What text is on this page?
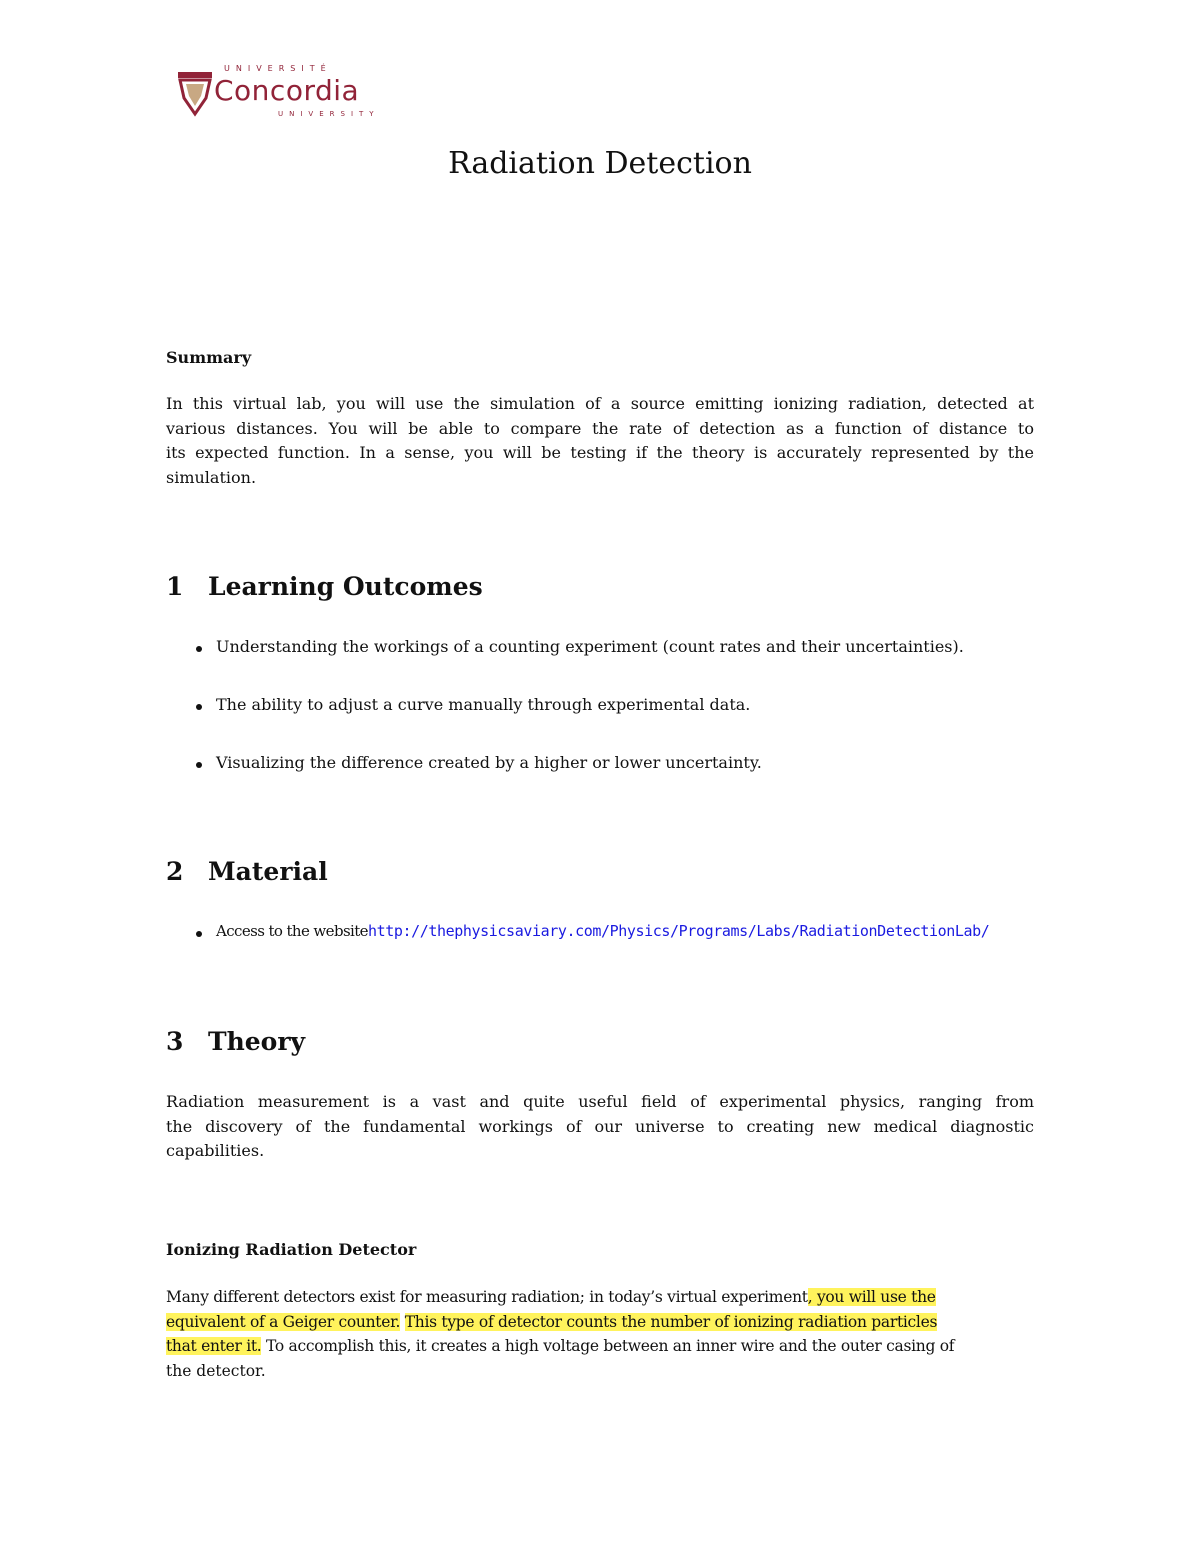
UNIVERSITÉ
Concordia
UNIVERSITY
Radiation Detection
Summary
In this virtual lab, you will use the simulation of a source emitting ionizing radiation, detected at
various distances. You will be able to compare the rate of detection as a function of distance to
its expected function. In a sense, you will be testing if the theory is accurately represented by the
simulation.
1 Learning Outcomes
Understanding the workings of a counting experiment (count rates and their uncertainties).
The ability to adjust a curve manually through experimental data.
Visualizing the difference created by a higher or lower uncertainty.
2 Material
Access to the websitehttp://thephysicsaviary.com/Physics/Programs/Labs/RadiationDetectionLab/
3 Theory
Radiation measurement is a vast and quite useful field of experimental physics, ranging from
the discovery of the fundamental workings of our universe to creating new medical diagnostic
capabilities.
Ionizing Radiation Detector
Many different detectors exist for measuring radiation; in today’s virtual experiment, you will use the
equivalent of a Geiger counter. This type of detector counts the number of ionizing radiation particles
that enter it. To accomplish this, it creates a high voltage between an inner wire and the outer casing of
the detector.
